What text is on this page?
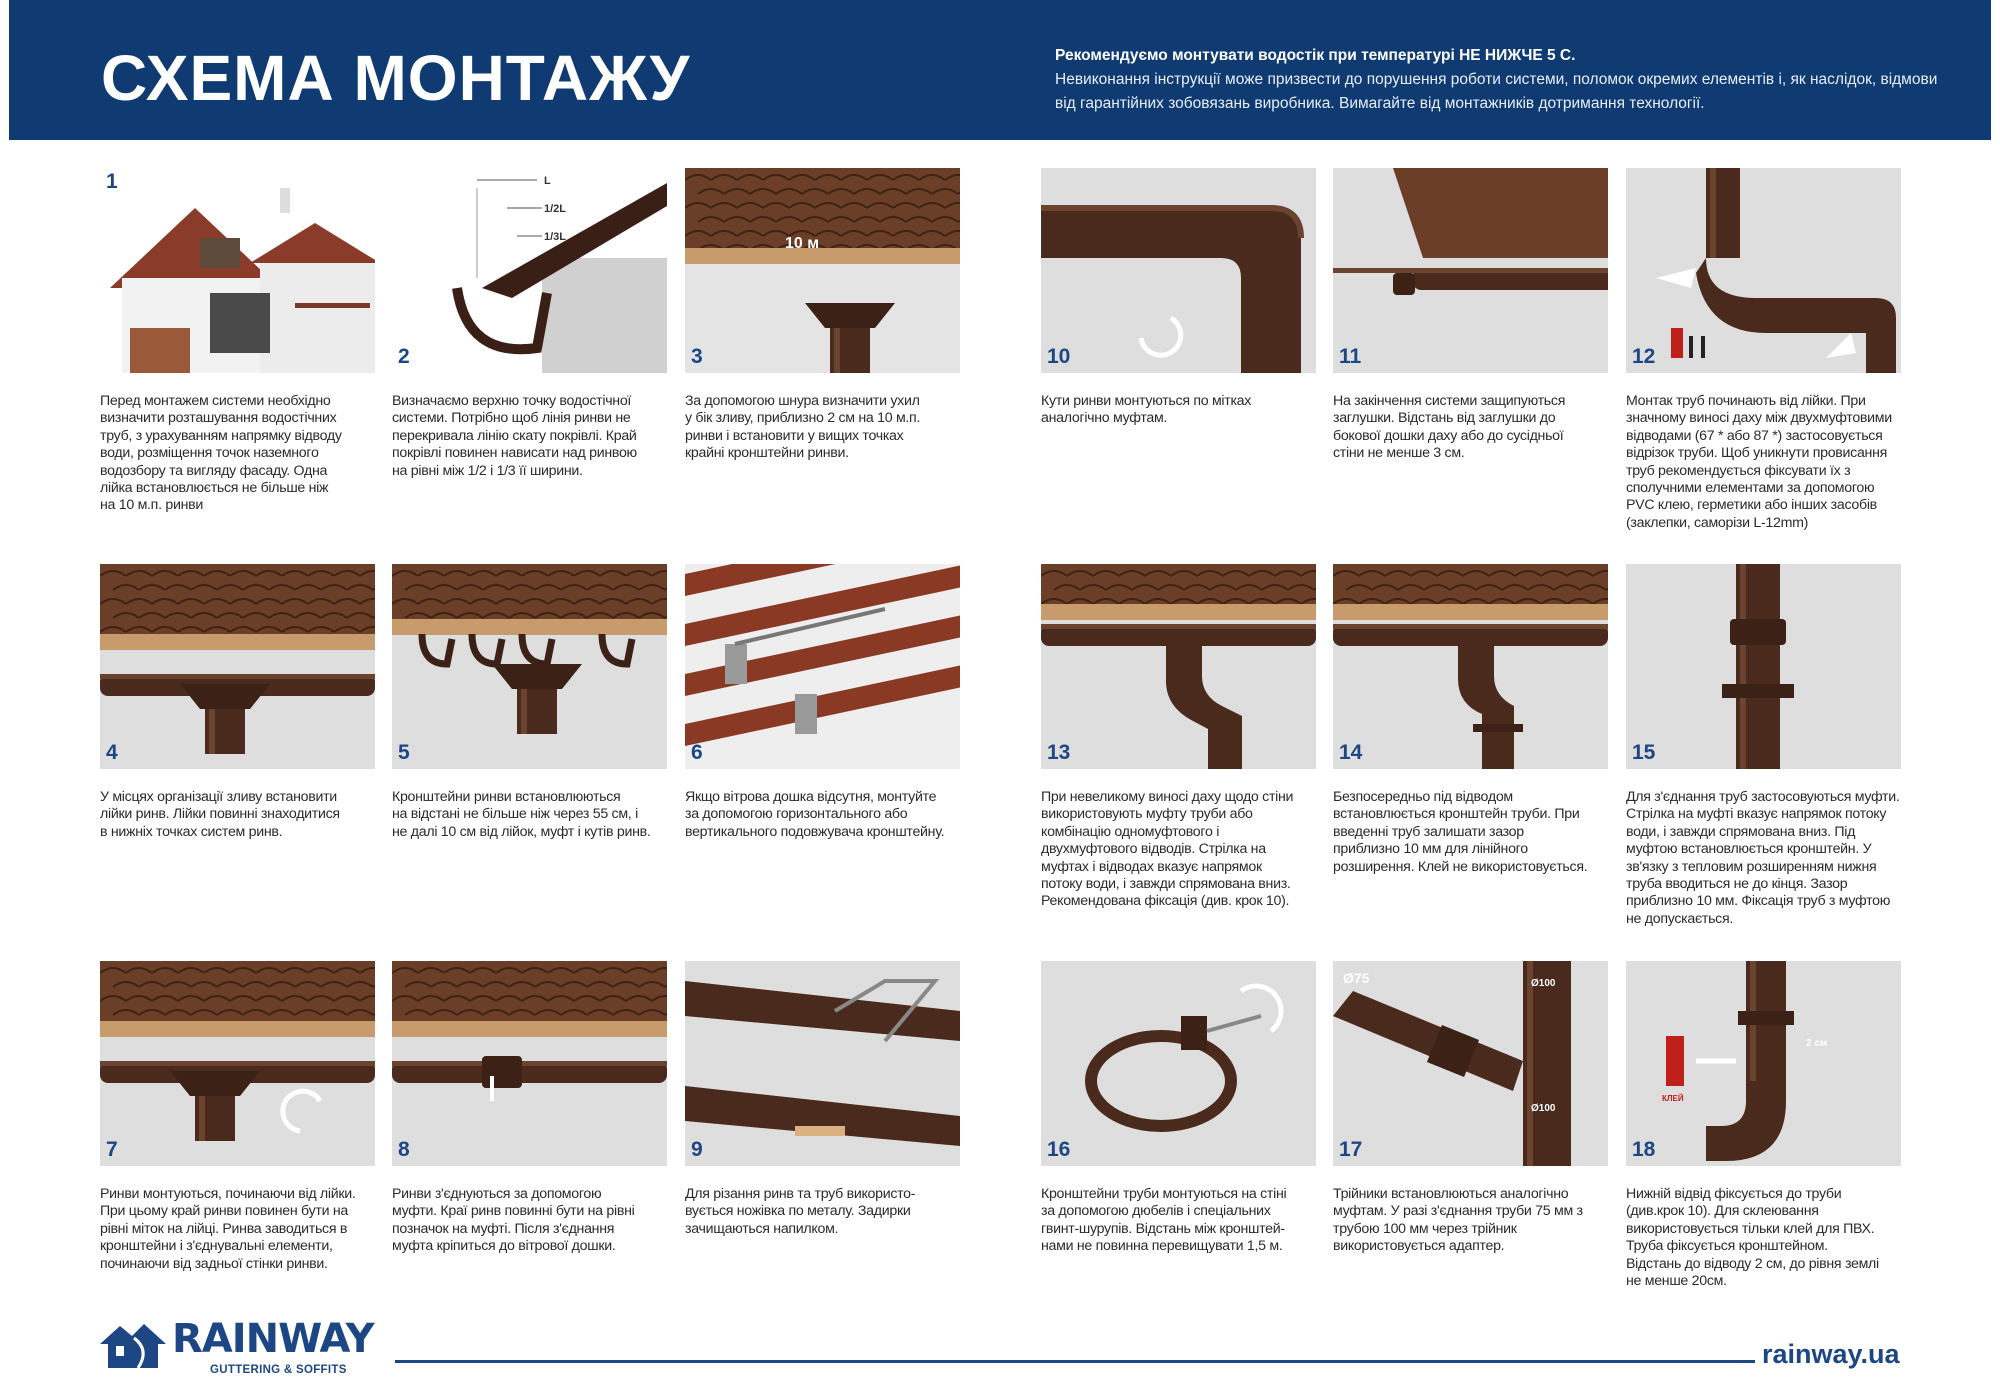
СХЕМА МОНТАЖУ	Рекомендуємо монтувати водостік при температурі НЕ НИЖЧЕ 5 С.
Невиконання інструкції може призвести до порушення роботи системи, поломок окремих елементів і, як наслідок, відмови від гарантійних зобовязань виробника. Вимагайте від монтажників дотримання технології.
1
Перед монтажем системи необхідно
визначити розташування водостічних
труб, з урахуванням напрямку відводу
води, розміщення точок наземного
водозбору та вигляду фасаду. Одна
лійка встановлюється не більше ніж
на 10 м.п. ринви
L
1/2L
1/3L
2
Визначаємо верхню точку водостічної
системи. Потрібно щоб лінія ринви не
перекривала лінію скату покрівлі. Край
покрівлі повинен нависати над ринвою
на рівні між 1/2 і 1/3 її ширини.
10 м
3
За допомогою шнура визначити ухил
у бік зливу, приблизно 2 см на 10 м.п.
ринви і встановити у вищих точках
крайні кронштейни ринви.
10
Кути ринви монтуються по мітках
аналогічно муфтам.
11
На закінчення системи защипуються
заглушки. Відстань від заглушки до
бокової дошки даху або до сусідньої
стіни не менше 3 см.
12
Монтак труб починають від лійки. При
значному виносі даху між двухмуфтовими
відводами (67 * або 87 *) застосовується
відрізок труби. Щоб уникнути провисання
труб рекомендується фіксувати їх з
сполучними елементами за допомогою
PVC клею, герметики або інших засобів
(заклепки, саморізи L-12mm)
4
У місцях організації зливу встановити
лійки ринв. Лійки повинні знаходитися
в нижніх точках систем ринв.
5
Кронштейни ринви встановлюються
на відстані не більше ніж через 55 см, і
не далі 10 см від лійок, муфт і кутів ринв.
6
Якщо вітрова дошка відсутня, монтуйте
за допомогою горизонтального або
вертикального подовжувача кронштейну.
13
При невеликому виносі даху щодо стіни
використовують муфту труби або
комбінацію одномуфтового і
двухмуфтового відводів. Стрілка на
муфтах і відводах вказує напрямок
потоку води, і завжди спрямована вниз.
Рекомендована фіксація (див. крок 10).
14
Безпосередньо під відводом
встановлюється кронштейн труби. При
введенні труб залишати зазор
приблизно 10 мм для лінійного
розширення. Клей не використовується.
15
Для з'єднання труб застосовуються муфти.
Стрілка на муфті вказує напрямок потоку
води, і завжди спрямована вниз. Під
муфтою встановлюється кронштейн. У
зв'язку з тепловим розширенням нижня
труба вводиться не до кінця. Зазор
приблизно 10 мм. Фіксація труб з муфтою
не допускається.
7
Ринви монтуються, починаючи від лійки.
При цьому край ринви повинен бути на
рівні міток на лійці. Ринва заводиться в
кронштейни і з'єднувальні елементи,
починаючи від задньої стінки ринви.
8
Ринви з'єднуються за допомогою
муфти. Краї ринв повинні бути на рівні
позначок на муфті. Після з'єднання
муфта кріпиться до вітрової дошки.
9
Для різання ринв та труб використо-
вується ножівка по металу. Задирки
зачищаються напилком.
16
Кронштейни труби монтуються на стіні
за допомогою дюбелів і спеціальних
гвинт-шурупів. Відстань між кронштей-
нами не повинна перевищувати 1,5 м.
Ø75	Ø100
Ø100
17
Трійники встановлюються аналогічно
муфтам. У разі з'єднання труби 75 мм з
трубою 100 мм через трійник
використовується адаптер.
КЛЕЙ
2 см
18
Нижній відвід фіксується до труби
(див.крок 10). Для склеювання
використовується тільки клей для ПВХ.
Труба фіксується кронштейном.
Відстань до відводу 2 см, до рівня землі
не менше 20см.
RAINWAY
GUTTERING & SOFFITS
rainway.ua
